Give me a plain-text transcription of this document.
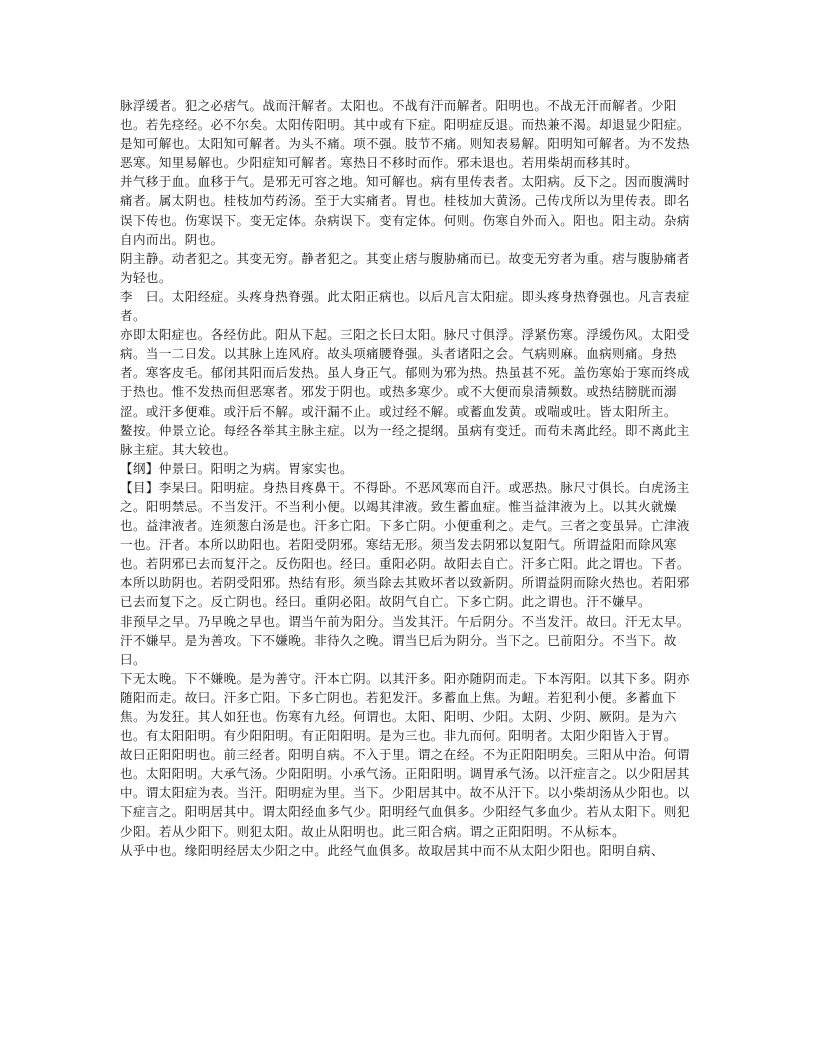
脉浮缓者。犯之必痞气。战而汗解者。太阳也。不战有汗而解者。阳明也。不战无汗而解者。少阳也。若先痉经。必不尔矣。太阳传阳明。其中或有下症。阳明症反退。而热兼不渴。却退显少阳症。

是知可解也。太阳知可解者。为头不痛。项不强。肢节不痛。则知表易解。阳明知可解者。为不发热恶寒。知里易解也。少阳症知可解者。寒热日不移时而作。邪未退也。若用柴胡而移其时。

并气移于血。血移于气。是邪无可容之地。知可解也。病有里传表者。太阳病。反下之。因而腹满时痛者。属太阴也。桂枝加芍药汤。至于大实痛者。胃也。桂枝加大黄汤。己传戊所以为里传表。即名误下传也。伤寒误下。变无定体。杂病误下。变有定体。何则。伤寒自外而入。阳也。阳主动。杂病自内而出。阴也。

阴主静。动者犯之。其变无穷。静者犯之。其变止痞与腹胁痛而已。故变无穷者为重。痞与腹胁痛者为轻也。

李　曰。太阳经症。头疼身热脊强。此太阳正病也。以后凡言太阳症。即头疼身热脊强也。凡言表症者。

亦即太阳症也。各经仿此。阳从下起。三阳之长曰太阳。脉尺寸俱浮。浮紧伤寒。浮缓伤风。太阳受病。当一二日发。以其脉上连风府。故头项痛腰脊强。头者诸阳之会。气病则麻。血病则痛。身热者。寒客皮毛。郁闭其阳而后发热。虽人身正气。郁则为邪为热。热虽甚不死。盖伤寒始于寒而终成于热也。惟不发热而但恶寒者。邪发于阴也。或热多寒少。或不大便而泉清频数。或热结膀胱而溺涩。或汗多便难。或汗后不解。或汗漏不止。或过经不解。或蓄血发黄。或喘或吐。皆太阳所主。

鳌按。仲景立论。每经各举其主脉主症。以为一经之提纲。虽病有变迁。而苟未离此经。即不离此主脉主症。其大较也。

【纲】仲景曰。阳明之为病。胃家实也。

【目】李杲曰。阳明症。身热目疼鼻干。不得卧。不恶风寒而自汗。或恶热。脉尺寸俱长。白虎汤主之。阳明禁忌。不当发汗。不当利小便。以竭其津液。致生蓄血症。惟当益津液为上。以其火就燥也。益津液者。连须葱白汤是也。汗多亡阳。下多亡阴。小便重利之。走气。三者之变虽异。亡津液一也。汗者。本所以助阳也。若阳受阴邪。寒结无形。须当发去阴邪以复阳气。所谓益阳而除风寒也。若阴邪已去而复汗之。反伤阳也。经曰。重阳必阴。故阳去自亡。汗多亡阳。此之谓也。下者。本所以助阴也。若阴受阳邪。热结有形。须当除去其败坏者以致新阴。所谓益阴而除火热也。若阳邪已去而复下之。反亡阴也。经曰。重阴必阳。故阴气自亡。下多亡阴。此之谓也。汗不嫌早。

非预早之早。乃早晚之早也。谓当午前为阳分。当发其汗。午后阴分。不当发汗。故曰。汗无太早。

汗不嫌早。是为善攻。下不嫌晚。非待久之晚。谓当巳后为阴分。当下之。巳前阳分。不当下。故曰。

下无太晚。下不嫌晚。是为善守。汗本亡阴。以其汗多。阳亦随阴而走。下本泻阳。以其下多。阴亦随阳而走。故曰。汗多亡阳。下多亡阴也。若犯发汗。多蓄血上焦。为衄。若犯利小便。多蓄血下焦。为发狂。其人如狂也。伤寒有九经。何谓也。太阳、阳明、少阳。太阴、少阴、厥阴。是为六也。有太阳阳明。有少阳阳明。有正阳阳明。是为三也。非九而何。阳明者。太阳少阳皆入于胃。

故曰正阳阳明也。前三经者。阳明自病。不入于里。谓之在经。不为正阳阳明矣。三阳从中治。何谓也。太阳阳明。大承气汤。少阳阳明。小承气汤。正阳阳明。调胃承气汤。以汗症言之。以少阳居其中。谓太阳症为表。当汗。阳明症为里。当下。少阳居其中。故不从汗下。以小柴胡汤从少阳也。以下症言之。阳明居其中。谓太阳经血多气少。阳明经气血俱多。少阳经气多血少。若从太阳下。则犯少阳。若从少阳下。则犯太阳。故止从阳明也。此三阳合病。谓之正阳阳明。不从标本。

从乎中也。缘阳明经居太少阳之中。此经气血俱多。故取居其中而不从太阳少阳也。阳明自病、
